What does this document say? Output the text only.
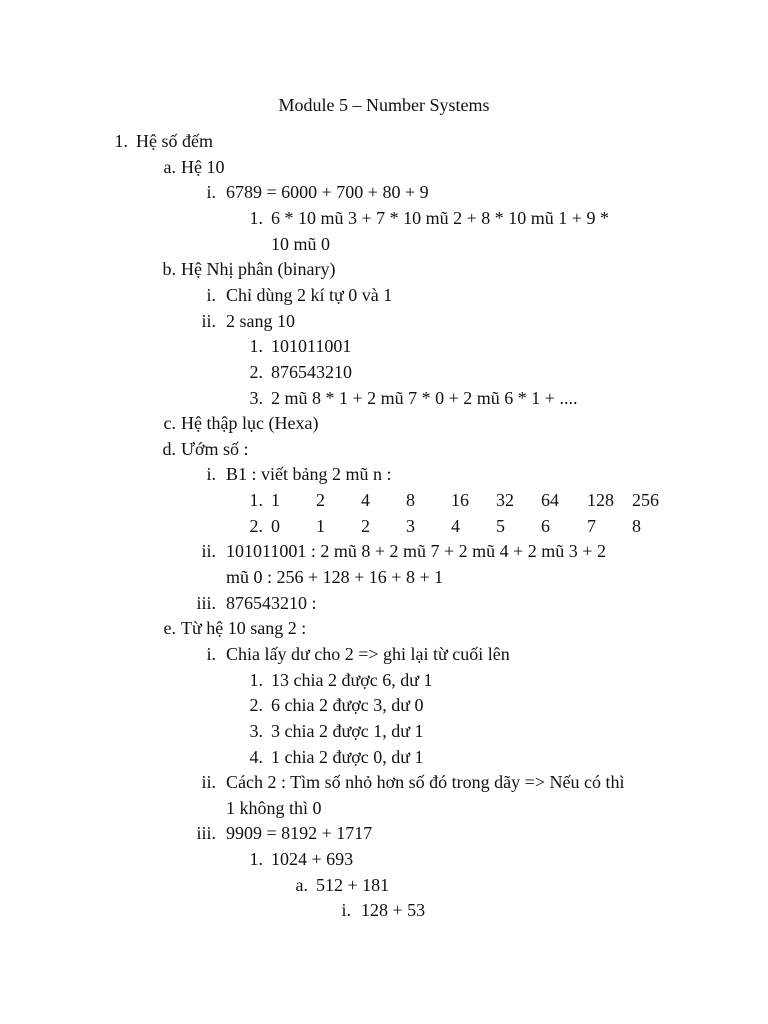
Module 5 – Number Systems
1. Hệ số đếm
a. Hệ 10
i. 6789 = 6000 + 700 + 80 + 9
1. 6 * 10 mũ 3 + 7 * 10 mũ 2 + 8 * 10 mũ 1 + 9 *
10 mũ 0
b. Hệ Nhị phân (binary)
i. Chỉ dùng 2 kí tự 0 và 1
ii. 2 sang 10
1. 101011001
2. 876543210
3. 2 mũ 8 * 1 + 2 mũ 7 * 0 + 2 mũ 6 * 1 + ....
c. Hệ thập lục (Hexa)
d. Ướm số :
i. B1 : viết bảng 2 mũ n :
1. 1 2 4 8 16 32 64 128 256
2. 0 1 2 3 4 5 6 7 8
ii. 101011001 : 2 mũ 8 + 2 mũ 7 + 2 mũ 4 + 2 mũ 3 + 2
mũ 0 : 256 + 128 + 16 + 8 + 1
iii. 876543210 :
e. Từ hệ 10 sang 2 :
i. Chia lấy dư cho 2 => ghi lại từ cuối lên
1. 13 chia 2 được 6, dư 1
2. 6 chia 2 được 3, dư 0
3. 3 chia 2 được 1, dư 1
4. 1 chia 2 được 0, dư 1
ii. Cách 2 : Tìm số nhỏ hơn số đó trong dãy => Nếu có thì
1 không thì 0
iii. 9909 = 8192 + 1717
1. 1024 + 693
a. 512 + 181
i. 128 + 53
